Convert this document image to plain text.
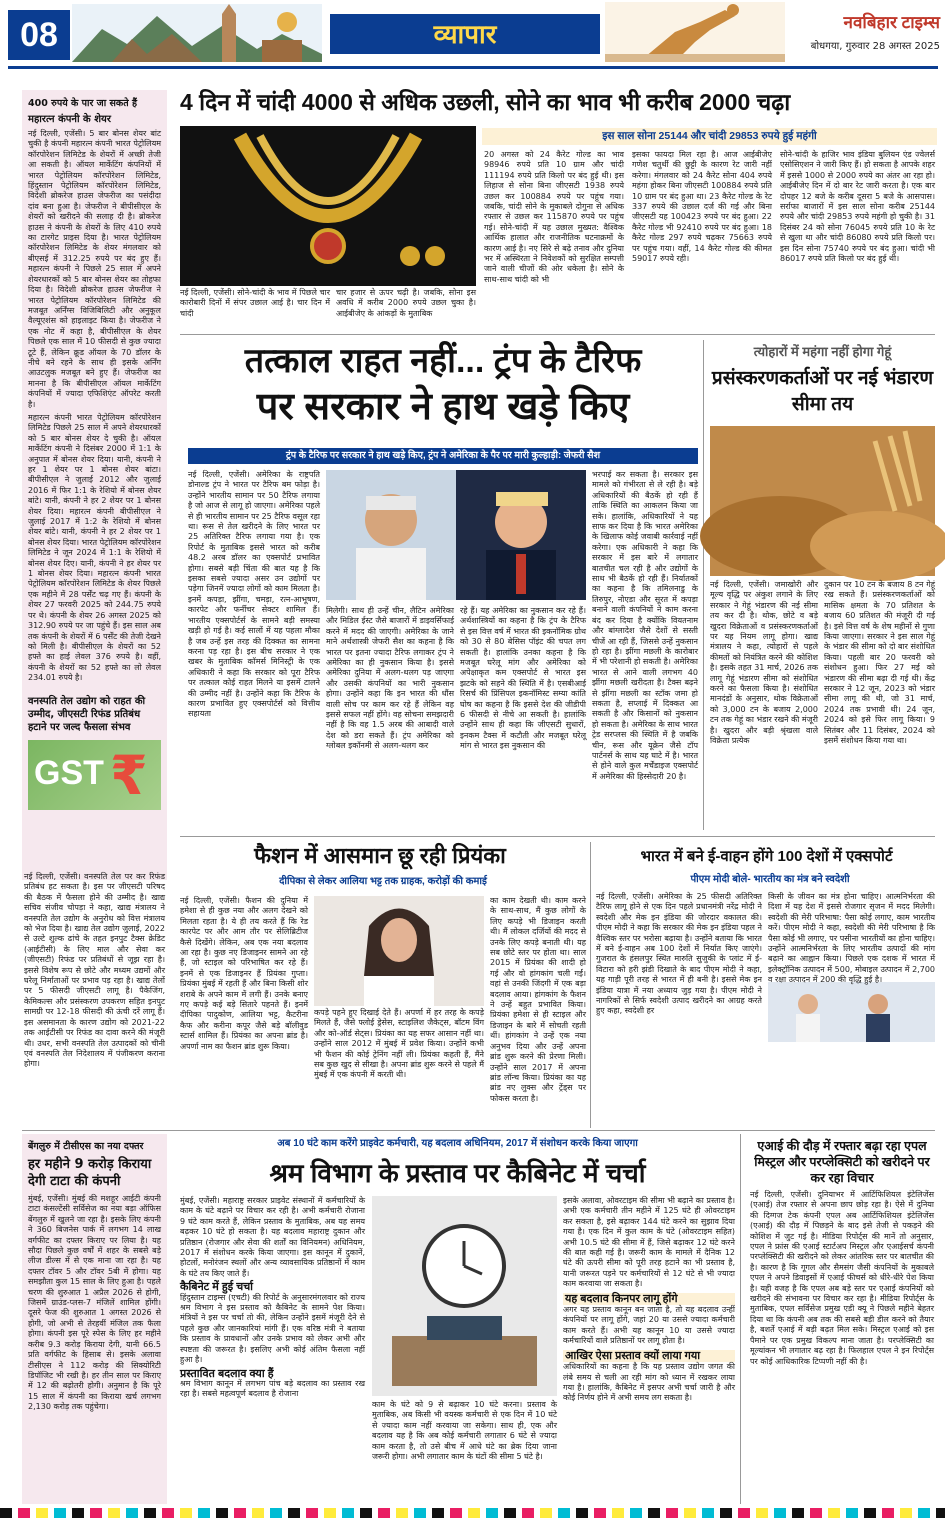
08	व्यापार	नवबिहार टाइम्स
बोधगया, गुरुवार 28 अगस्त 2025
400 रुपये के पार जा सकते हैं
महारत्न कंपनी के शेयर

नई दिल्ली, एजेंसी। 5 बार बोनस शेयर बांट चुकी है कंपनी महारत्न कंपनी भारत पेट्रोलियम कॉरपोरेशन लिमिटेड के शेयरों में अच्छी तेजी आ सकती है। ऑयल मार्केटिंग कंपनियों में भारत पेट्रोलियम कॉरपोरेशन लिमिटेड, हिंदुस्तान पेट्रोलियम कॉरपोरेशन लिमिटेड, विदेशी ब्रोकरेज हाउस जेफरीज का पसंदीदा दांव बना हुआ है। जेफरीज ने बीपीसीएल के शेयरों को खरीदने की सलाह दी है। ब्रोकरेज हाउस ने कंपनी के शेयरों के लिए 410 रुपये का टारगेट प्राइस दिया है। भारत पेट्रोलियम कॉरपोरेशन लिमिटेड के शेयर मंगलवार को बीएसई में 312.25 रुपये पर बंद हुए हैं। महारत्न कंपनी ने पिछले 25 साल में अपने शेयरधारकों को 5 बार बोनस शेयर का तोहफा दिया है। विदेशी ब्रोकरेज हाउस जेफरीज ने भारत पेट्रोलियम कॉरपोरेशन लिमिटेड की मजबूत अर्निंग्स विजिबिलिटी और अनुकूल वैल्यूएशंस को हाइलाइट किया है। जेफरीज ने एक नोट में कहा है, बीपीसीएल के शेयर पिछले एक साल में 10 फीसदी से कुछ ज्यादा टूटे हैं, लेकिन क्रूड ऑयल के 70 डॉलर के नीचे बने रहने के साथ ही इसके अर्निंग आउटलुक मजबूत बने हुए हैं। जेफरीज का मानना है कि बीपीसीएल ऑयल मार्केटिंग कंपनियों में ज्यादा एफिशिएंट ऑपरेट करती है।

महारत्न कंपनी भारत पेट्रोलियम कॉरपोरेशन लिमिटेड पिछले 25 साल में अपने शेयरधारकों को 5 बार बोनस शेयर दे चुकी है। ऑयल मार्केटिंग कंपनी ने दिसंबर 2000 में 1:1 के अनुपात में बोनस शेयर दिया। यानी, कंपनी ने हर 1 शेयर पर 1 बोनस शेयर बांटा। बीपीसीएल ने जुलाई 2012 और जुलाई 2016 में फिर 1:1 के रेशियो में बोनस शेयर बांटे। यानी, कंपनी ने हर 2 शेयर पर 1 बोनस शेयर दिया। महारत्न कंपनी बीपीसीएल ने जुलाई 2017 में 1:2 के रेशियो में बोनस शेयर बांटे। यानी, कंपनी ने हर 2 शेयर पर 1 बोनस शेयर दिया। भारत पेट्रोलियम कॉरपोरेशन लिमिटेड ने जून 2024 में 1:1 के रेशियो में बोनस शेयर दिए। यानी, कंपनी ने हर शेयर पर 1 बोनस शेयर दिया। महारत्न कंपनी भारत पेट्रोलियम कॉरपोरेशन लिमिटेड के शेयर पिछले एक महीने में 28 पर्सेंट चढ़ गए हैं। कंपनी के शेयर 27 फरवरी 2025 को 244.75 रुपये पर थे। कंपनी के शेयर 26 अगस्त 2025 को 312.90 रुपये पर जा पहुंचे हैं। इस साल अब तक कंपनी के शेयरों में 6 पर्सेंट की तेजी देखने को मिली है। बीपीसीएल के शेयरों का 52 हफ्ते का हाई लेवल 376 रुपये है। वहीं, कंपनी के शेयरों का 52 हफ्ते का लो लेवल 234.01 रुपये है।

वनस्पति तेल उद्योग को राहत की उम्मीद, जीएसटी रिफंड प्रतिबंध हटाने पर जल्द फैसला संभव
GST ₹

नई दिल्ली, एजेंसी। वनस्पति तेल पर कर रिफंड प्रतिबंध हट सकता है। इस पर जीएसटी परिषद की बैठक में फैसला होने की उम्मीद है। खाद्य सचिव संजीव चोपड़ा ने कहा, खाद्य मंत्रालय ने वनस्पति तेल उद्योग के अनुरोध को वित्त मंत्रालय को भेज दिया है। खाद्य तेल उद्योग जुलाई, 2022 से उल्टे शुल्क ढांचे के तहत इनपुट टैक्स क्रेडिट (आईटीसी) के लिए माल और सेवा कर (जीएसटी) रिफंड पर प्रतिबंधों से जूझ रहा है। इससे विशेष रूप से छोटे और मध्यम उद्यमों और घरेलू निर्माताओं पर प्रभाव पड़ रहा है। खाद्य तेलों पर 5 फीसदी जीएसटी लागू है। पैकेजिंग, केमिकल्स और प्रसंस्करण उपकरण सहित इनपुट सामग्री पर 12-18 फीसदी की ऊंची दरें लागू हैं। इस असमानता के कारण उद्योग को 2021-22 तक आईटीसी पर रिफंड का दावा करने की मंजूरी थी। उधर, सभी वनस्पति तेल उत्पादकों को चीनी एवं वनस्पति तेल निदेशालय में पंजीकरण कराना होगा।

4 दिन में चांदी 4000 से अधिक उछली, सोने का भाव भी करीब 2000 चढ़ा
इस साल सोना 25144 और चांदी 29853 रुपये हुई महंगी
नई दिल्ली, एजेंसी। सोने-चांदी के भाव में पिछले चार कारोबारी दिनों में संपर उछाल आई है। चार दिन में चांदी
चार हजार से ऊपर चढ़ी है। जबकि, सोना इस अवधि में करीब 2000 रुपये उछल चुका है। आईबीजेए के आंकड़ों के मुताबिक
20 अगस्त को 24 कैरेट गोल्ड का भाव 98946 रुपये प्रति 10 ग्राम और चांदी 111194 रुपये प्रति किलो पर बंद हुई थी। इस लिहाज से सोना बिना जीएसटी 1938 रुपये उछल कर 100884 रुपये पर पहुंच गया। जबकि, चांदी सोने के मुकाबले दोगुना से अधिक रफ्तार से उछल कर 115870 रुपये पर पहुंच गई। सोने-चांदी में यह उछाल मुख्यत: वैश्विक आर्थिक हालात और राजनीतिक घटनाक्रमों के कारण आई है। नए सिरे से बढ़े तनाव और दुनिया भर में अस्थिरता ने निवेशकों को सुरक्षित सम्पत्ती जाने वाली चीजों की ओर धकेला है। सोने के साथ-साथ चांदी को भी
इसका फायदा मिल रहा है। आज आईबीजेए गणेश चतुर्थी की छुट्टी के कारण रेट जारी नहीं करेगा। मंगलवार को 24 कैरेट सोना 404 रुपये महंगा होकर बिना जीएसटी 100884 रुपये प्रति 10 ग्राम पर बंद हुआ था। 23 कैरेट गोल्ड के रेट 337 रुपये की उछाल दर्ज की गई और बिना जीएसटी यह 100423 रुपये पर बंद हुआ। 22 कैरेट गोल्ड भी 92410 रुपये पर बंद हुआ। 18 कैरेट गोल्ड 297 रुपये चढ़कर 75663 रुपये पर पहुंच गया। वहीं, 14 कैरेट गोल्ड की कीमत 59017 रुपये रही।
सोने-चांदी के हाजिर भाव इंडिया बुलियन एंड ज्वेलर्स एसोसिएशन ने जारी किए हैं। हो सकता है आपके शहर में इससे 1000 से 2000 रुपये का अंतर आ रहा हो। आईबीजेए दिन में दो बार रेट जारी करता है। एक बार दोपहर 12 बजे के करीब दूसरा 5 बजे के आसपास। सर्राफा बाजारों में इस साल सोना करीब 25144 रुपये और चांदी 29853 रुपये महंगी हो चुकी है। 31 दिसंबर 24 को सोना 76045 रुपये प्रति 10 के रेट से खुला था और चांदी 86080 रुपये प्रति किलो पर। इस दिन सोना 75740 रुपये पर बंद हुआ। चांदी भी 86017 रुपये प्रति किलो पर बंद हुई थी।
तत्काल राहत नहीं... ट्रंप के टैरिफ
पर सरकार ने हाथ खड़े किए
ट्रंप के टैरिफ पर सरकार ने हाथ खड़े किए, ट्रंप ने अमेरिका के पैर पर मारी कुल्हाड़ी: जेफरी सैश
नई दिल्ली, एजेंसी। अमेरिका के राष्ट्रपति डोनाल्ड ट्रंप ने भारत पर टैरिफ बम फोड़ा है। उन्होंने भारतीय सामान पर 50 टैरिफ लगाया है जो आज से लागू हो जाएगा। अमेरिका पहले से ही भारतीय सामान पर 25 टैरिफ वसूल रहा था। रूस से तेल खरीदने के लिए भारत पर 25 अतिरिक्त टैरिफ लगाया गया है। एक रिपोर्ट के मुताबिक इससे भारत को करीब 48.2 अरब डॉलर का एक्सपोर्ट प्रभावित होगा। सबसे बड़ी चिंता की बात यह है कि इसका सबसे ज्यादा असर उन उद्योगों पर पड़ेगा जिनमें ज्यादा लोगों को काम मिलता है। इनमें कपड़ा, झींगा, चमड़ा, रत्न-आभूषण, कारपेट और फर्नीचर सेक्टर शामिल हैं। भारतीय एक्सपोर्टर्स के सामने बड़ी समस्या खड़ी हो गई है। कई सालों में यह पहला मौका है जब उन्हें इस तरह की दिक्कत का सामना करना पड़ रहा है। इस बीच सरकार ने एक खबर के मुताबिक कॉमर्स मिनिस्ट्री के एक अधिकारी ने कहा कि सरकार को पूरा टैरिफ पर तत्काल कोई राहत मिलने या इसमें टालने की उम्मीद नहीं है। उन्होंने कहा कि टैरिफ के कारण प्रभावित हुए एक्सपोर्टर्स को वित्तीय सहायता
मिलेगी। साथ ही उन्हें चीन, लैटिन अमेरिका और मिडिल ईस्ट जैसे बाजारों में डाइवर्सिफाई करने में मदद की जाएगी। अमेरिका के जाने माने अर्थशास्त्री जेफरी सैश का कहना है कि भारत पर इतना ज्यादा टैरिफ लगाकर ट्रंप ने अमेरिका का ही नुकसान किया है। इससे अमेरिका दुनिया में अलग-थलग पड़ जाएगा और उसकी कंपनियों का भारी नुकसान होगा। उन्होंने कहा कि इन भारत की धौंस वाली सोच पर काम कर रहे हैं लेकिन वह इससे सफल नहीं होंगे। वह सोचना समझदारी नहीं है कि वह 1.5 अरब की आबादी वाले देश को डरा सकते हैं। ट्रंप अमेरिका को ग्लोबल इकॉनमी से अलग-थलग कर
रहे हैं। यह अमेरिका का नुकसान कर रहे हैं। अर्थशास्त्रियों का कहना है कि ट्रंप के टैरिफ से इस वित्त वर्ष में भारत की इकनॉमिक ग्रोथ को 30 से 80 बेसिस पॉइंट की चपत लग सकती है। हालांकि उनका कहना है कि मजबूत घरेलू मांग और अमेरिका को अपेक्षाकृत कम एक्सपोर्ट से भारत इस झटके को सहने की स्थिति में है। एसबीआई रिसर्च की प्रिंसिपल इकनॉमिस्ट सम्या कांति घोष का कहना है कि इससे देश की जीडीपी 6 फीसदी से नीचे आ सकती है। हालांकि उन्होंने साथ ही कहा कि जीएसटी सुधारों, इनकम टैक्स में कटौती और मजबूत घरेलू मांग से भारत इस नुकसान की
भरपाई कर सकता है। सरकार इस मामले को गंभीरता से ले रही है। बड़े अधिकारियों की बैठकें हो रही हैं ताकि स्थिति का आकलन किया जा सके। हालांकि, अधिकारियों ने यह साफ कर दिया है कि भारत अमेरिका के खिलाफ कोई जवाबी कार्रवाई नहीं करेगा। एक अधिकारी ने कहा कि सरकार में इस बारे में लगातार बातचीत चल रही है और उद्योगों के साथ भी बैठकें हो रही हैं। निर्यातकों का कहना है कि तमिलनाडु के तिरुपुर, नोएडा और सूरत में कपड़ा बनाने वाली कंपनियों ने काम करना बंद कर दिया है क्योंकि वियतनाम और बांग्लादेश जैसे देशों से सस्ती चीजें आ रही हैं, जिससे उन्हें नुकसान हो रहा है। झींगा मछली के कारोबार में भी परेशानी हो सकती है। अमेरिका भारत से आने वाली लगभग 40 झींगा मछली खरीदता है। टैक्स बढ़ने से झींगा मछली का स्टॉक जमा हो सकता है, सप्लाई में दिक्कत आ सकती है और किसानों को नुकसान हो सकता है। अमेरिका के साथ भारत ट्रेड सरप्लस की स्थिति में है जबकि चीन, रूस और यूक्रेन जैसे टॉप पार्टनर्स के साथ यह घाटे में है। भारत से होने वाले कुल मर्चेंडाइज एक्सपोर्ट में अमेरिका की हिस्सेदारी 20 है।
त्योहारों में महंगा नहीं होगा गेहूं
प्रसंस्करणकर्ताओं पर नई भंडारण सीमा तय
नई दिल्ली, एजेंसी। जमाखोरी और मूल्य वृद्धि पर अंकुश लगाने के लिए सरकार ने गेहूं भंडारण की नई सीमा तय कर दी है। थोक, छोटे व बड़े खुदरा विक्रेताओं व प्रसंस्करणकर्ताओं पर यह नियम लागू होगा। खाद्य मंत्रालय ने कहा, त्योहारों से पहले कीमतों को नियंत्रित करने की कोशिश है। इसके तहत 31 मार्च, 2026 तक लागू गेहूं भंडारण सीमा को संशोधित करने का फैसला किया है। संशोधित मानदंडों के अनुसार, थोक विक्रेताओं को 3,000 टन के बजाय 2,000 टन तक गेहूं का भंडार रखने की मंजूरी है। खुदरा और बड़ी श्रृंखला वाले विक्रेता प्रत्येक
दुकान पर 10 टन के बजाय 8 टन गेहूं रख सकते हैं। प्रसंस्करणकर्ताओं को मासिक क्षमता के 70 प्रतिशत के बजाय 60 प्रतिशत की मंजूरी दी गई है। इसे वित्त वर्ष के शेष महीनों से गुणा किया जाएगा। सरकार ने इस साल गेहूं के भंडार की सीमा को दो बार संशोधित किया। पहली बार 20 फरवरी को संशोधन हुआ। फिर 27 मई को भंडारण की सीमा बढ़ा दी गई थी। केंद्र सरकार ने 12 जून, 2023 को भंडार सीमा लागू की थी, जो 31 मार्च, 2024 तक प्रभावी थी। 24 जून, 2024 को इसे फिर लागू किया। 9 सितंबर और 11 दिसंबर, 2024 को इसमें संशोधन किया गया था।
फैशन में आसमान छू रही प्रियंका
दीपिका से लेकर आलिया भट्ट तक ग्राहक, करोड़ों की कमाई
नई दिल्ली, एजेंसी। फैशन की दुनिया में हमेशा से ही कुछ नया और अलग देखने को मिलता रहता है। ये ही तय करते हैं कि रेड कारपेट पर और आम तौर पर सेलिब्रिटीज कैसे दिखेंगे। लेकिन, अब एक नया बदलाव आ रहा है। कुछ नए डिजाइनर सामने आ रहे हैं, जो स्टाइल को परिभाषित कर रहे हैं। इनमें से एक डिजाइनर हैं प्रियंका गुप्ता। प्रियंका मुंबई में रहती हैं और बिना किसी शोर शराबे के अपने काम में लगी हैं। उनके बनाए गए कपड़े कई बड़े सितारे पहनते हैं। इनमें दीपिका पादुकोण, आलिया भट्ट, कैटरीना कैफ और करीना कपूर जैसे बड़े बॉलीवुड स्टार्स शामिल हैं। प्रियंका का अपना ब्रांड है। अपर्णा नाम का फैशन ब्रांड शुरू किया।
कपड़े पहने हुए दिखाई देते हैं। अपर्णा में हर तरह के कपड़े मिलते हैं, जैसे फ्लोई ड्रेसेस, स्टाइलिश जैकेट्स, बॉटम विंग और को-ऑर्ड सेट्स। प्रियंका का यह सफर आसान नहीं था। उन्होंने साल 2012 में मुंबई में प्रवेश किया। उन्होंने कभी भी फैशन की कोई ट्रेनिंग नहीं ली। प्रियंका कहती हैं, मैंने सब कुछ खुद से सीखा है। अपना ब्रांड शुरू करने से पहले मैं मुंबई में एक कंपनी में करती थी।
का काम देखती थी। काम करने के साथ-साथ, मैं कुछ लोगों के लिए कपड़े भी डिजाइन करती थी। मैं लोकल दर्जियों की मदद से उनके लिए कपड़े बनाती थी। यह सब छोटे स्तर पर होता था। साल 2015 में प्रियंका की शादी हो गई और वो हांगकांग चली गईं। वहां से उनकी जिंदगी में एक बड़ा बदलाव आया। हांगकांग के फैशन ने उन्हें बहुत प्रभावित किया। प्रियंका हमेशा से ही स्टाइल और डिजाइन के बारे में सोचती रहती थीं। हांगकांग ने उन्हें एक नया अनुभव दिया और उन्हें अपना ब्रांड शुरू करने की प्रेरणा मिली। उन्होंने साल 2017 में अपना ब्रांड लॉन्च किया। प्रियंका का यह ब्रांड नए लुक्स और ट्रेंड्स पर फोकस करता है।
भारत में बने ई-वाहन होंगे 100 देशों में एक्सपोर्ट
पीएम मोदी बोले- भारतीय का मंत्र बने स्वदेशी
नई दिल्ली, एजेंसी। अमेरिका के 25 फीसदी अतिरिक्त टैरिफ लागू होने से एक दिन पहले प्रधानमंत्री नरेंद्र मोदी ने स्वदेशी और मेक इन इंडिया की जोरदार वकालत की। पीएम मोदी ने कहा कि सरकार की मेक इन इंडिया पहल ने वैश्विक स्तर पर भरोसा बढ़ाया है। उन्होंने बताया कि भारत में बने ई-वाहन अब 100 देशों में निर्यात किए जाएंगे। गुजरात के हंसलपुर स्थित मारुति सुजुकी के प्लांट में ई-विटारा को हरी झंडी दिखाते के बाद पीएम मोदी ने कहा, यह गाड़ी पूरी तरह से भारत में ही बनी है। इससे मेक इन इंडिया यात्रा में नया अध्याय जुड़ गया है। पीएम मोदी ने नागरिकों से सिर्फ स्वदेशी उत्पाद खरीदने का आग्रह करते हुए कहा, स्वदेशी हर
किसी के जीवन का मंत्र होना चाहिए। आत्मनिर्भरता की दिशा में यह देश में इससे रोजगार सृजन में मदद मिलेगी। स्वदेशी की मेरी परिभाषा: पैसा कोई लगाए, काम भारतीय करें। पीएम मोदी ने कहा, स्वदेशी की मेरी परिभाषा है कि पैसा कोई भी लगाए, पर पसीना भारतीयों का होना चाहिए। उन्होंने आत्मनिर्भरता के लिए भारतीय उत्पादों की मांग बढ़ाने का आह्वान किया। पिछले एक दशक में भारत में इलेक्ट्रॉनिक उत्पादन में 500, मोबाइल उत्पादन में 2,700 व रक्षा उत्पादन में 200 की वृद्धि हुई है।
बेंगलुरु में टीसीएस का नया दफ्तर
हर महीने 9 करोड़ किराया देगी टाटा की कंपनी
मुंबई, एजेंसी। मुंबई की मशहूर आईटी कंपनी टाटा कंसल्टेंसी सर्विसेज का नया बड़ा ऑफिस बेंगलुरु में खुलने जा रहा है। इसके लिए कंपनी ने 360 बिजनेस पार्क में लगभग 14 लाख वर्गफीट का दफ्तर किराए पर लिया है। यह सौदा पिछले कुछ वर्षों में शहर के सबसे बड़े लीज डील्स में से एक माना जा रहा है। यह दफ्तर टॉवर 5 और टॉवर 5बी में होगा। यह समझौता कुल 15 साल के लिए हुआ है। पहले चरण की शुरुआत 1 अप्रैल 2026 से होगी, जिसमें ग्राउंड-प्लस-7 मंजिलें शामिल होंगी। दूसरे फेज की शुरुआत 1 अगस्त 2026 से होगी, जो अभी से तेरहवीं मंजिल तक फैला होगा। कंपनी इस पूरे स्पेस के लिए हर महीने करीब 9.3 करोड़ किराया देगी, यानी 66.5 प्रति वर्गफीट के हिसाब से। इसके अलावा टीसीएस ने 112 करोड़ की सिक्योरिटी डिपॉजिट भी रखी है। हर तीन साल पर किराए में 12 की बढ़ोतरी होगी। अनुमान है कि पूरे 15 साल में कंपनी का किराया खर्च लगभग 2,130 करोड़ तक पहुंचेगा।
अब 10 घंटे काम करेंगे प्राइवेट कर्मचारी, यह बदलाव अधिनियम, 2017 में संशोधन करके किया जाएगा
श्रम विभाग के प्रस्ताव पर कैबिनेट में चर्चा

मुंबई, एजेंसी। महाराष्ट्र सरकार प्राइवेट संस्थानों में कर्मचारियों के काम के घंटे बढ़ाने पर विचार कर रही है। अभी कर्मचारी रोजाना 9 घंटे काम करते हैं, लेकिन प्रस्ताव के मुताबिक, अब यह समय बढ़कर 10 घंटे हो सकता है। यह बदलाव महाराष्ट्र दुकान और प्रतिष्ठान (रोजगार और सेवा की शर्तों का विनियमन) अधिनियम, 2017 में संशोधन करके किया जाएगा। इस कानून में दुकानें, होटलों, मनोरंजन स्थलों और अन्य व्यावसायिक प्रतिष्ठानों में काम के घंटे तय किए जाते हैं।

कैबिनेट में हुई चर्चा

हिंदुस्तान टाइम्स (एचटी) की रिपोर्ट के अनुसारमंगलवार को राज्य श्रम विभाग ने इस प्रस्ताव को कैबिनेट के सामने पेश किया। मंत्रियों ने इस पर चर्चा तो की, लेकिन उन्होंने इसमें मंजूरी देने से पहले कुछ और जानकारियां मांगी हैं। एक वरिष्ठ मंत्री ने बताया कि प्रस्ताव के प्रावधानों और उनके प्रभाव को लेकर अभी और स्पष्टता की जरूरत है। इसलिए अभी कोई अंतिम फैसला नहीं हुआ है।

प्रस्तावित बदलाव क्या हैं

श्रम विभाग कानून में लगभग पांच बड़े बदलाव का प्रस्ताव रख रहा है। सबसे महत्वपूर्ण बदलाव है रोजाना

काम के घंटे को 9 से बढ़ाकर 10 घंटे करना। प्रस्ताव के मुताबिक, अब किसी भी वयस्क कर्मचारी से एक दिन में 10 घंटे से ज्यादा काम नहीं करवाया जा सकेगा। साथ ही, एक और बदलाव यह है कि अब कोई कर्मचारी लगातार 6 घंटे से ज्यादा काम करता है, तो उसे बीच में आधे घंटे का ब्रेक दिया जाना जरूरी होगा। अभी लगातार काम के घंटों की सीमा 5 घंटे है।

इसके अलावा, ओवरटाइम की सीमा भी बढ़ाने का प्रस्ताव है। अभी एक कर्मचारी तीन महीने में 125 घंटे ही ओवरटाइम कर सकता है, इसे बढ़ाकर 144 घंटे करने का सुझाव दिया गया है। एक दिन में कुल काम के घंटे (ओवरटाइम सहित) अभी 10.5 घंटे की सीमा में हैं, जिसे बढ़ाकर 12 घंटे करने की बात कही गई है। जरूरी काम के मामले में दैनिक 12 घंटे की ऊपरी सीमा को पूरी तरह हटाने का भी प्रस्ताव है, यानी जरूरत पड़ने पर कर्मचारियों से 12 घंटे से भी ज्यादा काम करवाया जा सकता है।

यह बदलाव किनपर लागू होंगे

अगर यह प्रस्ताव कानून बन जाता है, तो यह बदलाव उन्हीं कंपनियों पर लागू होंगे, जहां 20 या उससे ज्यादा कर्मचारी काम करते हैं। अभी यह कानून 10 या उससे ज्यादा कर्मचारियों वाले प्रतिष्ठानों पर लागू होता है।

आखिर ऐसा प्रस्ताव क्यों लाया गया

अधिकारियों का कहना है कि यह प्रस्ताव उद्योग जगत की लंबे समय से चली आ रही मांग को ध्यान में रखकर लाया गया है। हालांकि, कैबिनेट में इसपर अभी चर्चा जारी है और कोई निर्णय होने में अभी समय लग सकता है।

एआई की दौड़ में रफ्तार बढ़ा रहा एपल मिस्ट्रल और परप्लेक्सिटी को खरीदने पर कर रहा विचार
नई दिल्ली, एजेंसी। दुनियाभर में आर्टिफिशियल इंटेलिजेंस (एआई) तेज रफ्तार से अपना छाप छोड़ रहा है। ऐसे में दुनिया की दिग्गज टेक कंपनी एपल अब आर्टिफिशियल इंटेलिजेंस (एआई) की दौड़ में पिछड़ने के बाद इसे तेजी से पकड़ने की कोशिश में जुट गई है। मीडिया रिपोर्ट्स की मानें तो अनुसार, एपल ने फ्रांस की एआई स्टार्टअप मिस्ट्रल और एआईसर्च कंपनी परप्लेक्सिटी की खरीदने को लेकर आंतरिक स्तर पर बातचीत की है। कारण है कि गूगल और सैमसंग जैसी कंपनियों के मुकाबले एपल ने अपने डिवाइसों में एआई फीचर्स को धीरे-धीरे पेश किया है। यही वजह है कि एपल अब बड़े स्तर पर एआई कंपनियों को खरीदने की संभावना पर विचार कर रहा है। मीडिया रिपोर्ट्स के मुताबिक, एपल सर्विसेज प्रमुख एडी क्यू ने पिछले महीने बेहतर दिया था कि कंपनी अब तक की सबसे बड़ी डील करने को तैयार है, बशर्ते एआई में बड़ी बढ़त मिल सके। मिस्ट्रल एआई को इस पैमाने पर एक प्रमुख विकल्प माना जाता है। परप्लेक्सिटी का मूल्यांकन भी लगातार बढ़ रहा है। फिलहाल एपल ने इन रिपोर्ट्स पर कोई आधिकारिक टिप्पणी नहीं की है।
